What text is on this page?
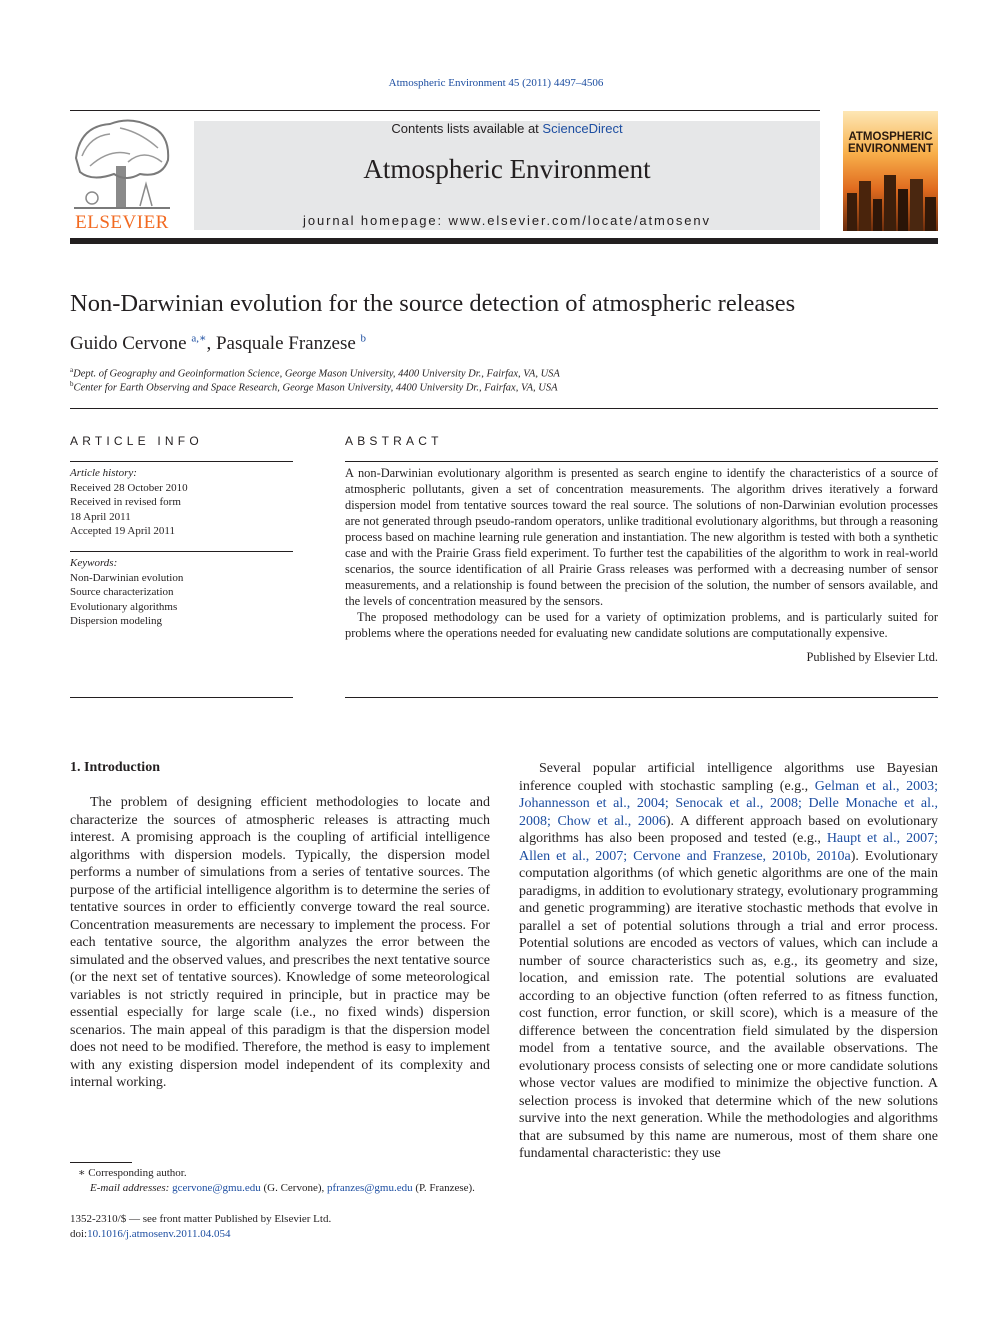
Atmospheric Environment 45 (2011) 4497–4506
ELSEVIER
Contents lists available at ScienceDirect
Atmospheric Environment
journal homepage: www.elsevier.com/locate/atmosenv
ATMOSPHERIC
ENVIRONMENT
Non-Darwinian evolution for the source detection of atmospheric releases
Guido Cervone $^{a,∗}$, Pasquale Franzese $^b$
$^a$Dept. of Geography and Geoinformation Science, George Mason University, 4400 University Dr., Fairfax, VA, USA
$^b$Center for Earth Observing and Space Research, George Mason University, 4400 University Dr., Fairfax, VA, USA
ARTICLE INFO
Article history:
Received 28 October 2010
Received in revised form
18 April 2011
Accepted 19 April 2011
Keywords:
Non-Darwinian evolution
Source characterization
Evolutionary algorithms
Dispersion modeling
ABSTRACT

A non-Darwinian evolutionary algorithm is presented as search engine to identify the characteristics of a source of atmospheric pollutants, given a set of concentration measurements. The algorithm drives iteratively a forward dispersion model from tentative sources toward the real source. The solutions of non-Darwinian evolution processes are not generated through pseudo-random operators, unlike traditional evolutionary algorithms, but through a reasoning process based on machine learning rule generation and instantiation. The new algorithm is tested with both a synthetic case and with the Prairie Grass field experiment. To further test the capabilities of the algorithm to work in real-world scenarios, the source identification of all Prairie Grass releases was performed with a decreasing number of sensor measurements, and a relationship is found between the precision of the solution, the number of sensors available, and the levels of concentration measured by the sensors.

The proposed methodology can be used for a variety of optimization problems, and is particularly suited for problems where the operations needed for evaluating new candidate solutions are computationally expensive.

Published by Elsevier Ltd.
1. Introduction

The problem of designing efficient methodologies to locate and characterize the sources of atmospheric releases is attracting much interest. A promising approach is the coupling of artificial intelligence algorithms with dispersion models. Typically, the dispersion model performs a number of simulations from a series of tentative sources. The purpose of the artificial intelligence algorithm is to determine the series of tentative sources in order to efficiently converge toward the real source. Concentration measurements are necessary to implement the process. For each tentative source, the algorithm analyzes the error between the simulated and the observed values, and prescribes the next tentative source (or the next set of tentative sources). Knowledge of some meteorological variables is not strictly required in principle, but in practice may be essential especially for large scale (i.e., no fixed winds) dispersion scenarios. The main appeal of this paradigm is that the dispersion model does not need to be modified. Therefore, the method is easy to implement with any existing dispersion model independent of its complexity and internal working.

Several popular artificial intelligence algorithms use Bayesian inference coupled with stochastic sampling (e.g., Gelman et al., 2003; Johannesson et al., 2004; Senocak et al., 2008; Delle Monache et al., 2008; Chow et al., 2006). A different approach based on evolutionary algorithms has also been proposed and tested (e.g., Haupt et al., 2007; Allen et al., 2007; Cervone and Franzese, 2010b, 2010a). Evolutionary computation algorithms (of which genetic algorithms are one of the main paradigms, in addition to evolutionary strategy, evolutionary programming and genetic programming) are iterative stochastic methods that evolve in parallel a set of potential solutions through a trial and error process. Potential solutions are encoded as vectors of values, which can include a number of source characteristics such as, e.g., its geometry and size, location, and emission rate. The potential solutions are evaluated according to an objective function (often referred to as fitness function, cost function, error function, or skill score), which is a measure of the difference between the concentration field simulated by the dispersion model from a tentative source, and the available observations. The evolutionary process consists of selecting one or more candidate solutions whose vector values are modified to minimize the objective function. A selection process is invoked that determine which of the new solutions survive into the next generation. While the methodologies and algorithms that are subsumed by this name are numerous, most of them share one fundamental characteristic: they use

∗ Corresponding author.
E-mail addresses: gcervone@gmu.edu (G. Cervone), pfranzes@gmu.edu (P. Franzese).
1352-2310/$ — see front matter Published by Elsevier Ltd.
doi:10.1016/j.atmosenv.2011.04.054
